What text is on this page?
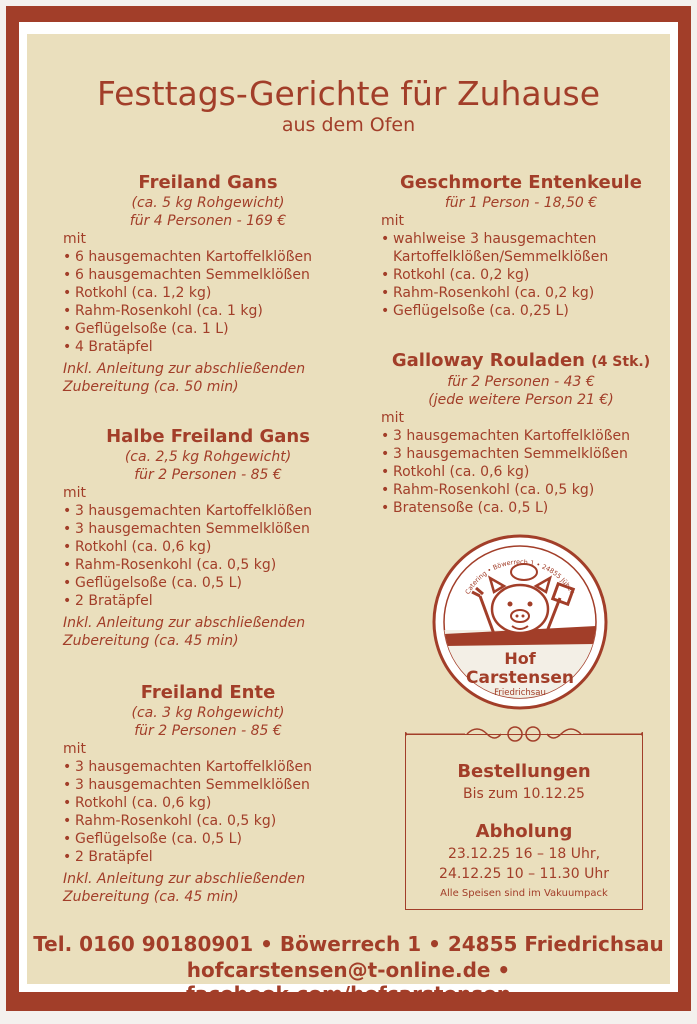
Festtags-Gerichte für Zuhause
aus dem Ofen
Freiland Gans
(ca. 5 kg Rohgewicht)
für 4 Personen - 169 €
mit
• 6 hausgemachten Kartoffelklößen
• 6 hausgemachten Semmelklößen
• Rotkohl (ca. 1,2 kg)
• Rahm-Rosenkohl (ca. 1 kg)
• Geflügelsoße (ca. 1 L)
• 4 Bratäpfel
Inkl. Anleitung zur abschließenden
Zubereitung (ca. 50 min)
Halbe Freiland Gans
(ca. 2,5 kg Rohgewicht)
für 2 Personen - 85 €
mit
• 3 hausgemachten Kartoffelklößen
• 3 hausgemachten Semmelklößen
• Rotkohl (ca. 0,6 kg)
• Rahm-Rosenkohl (ca. 0,5 kg)
• Geflügelsoße (ca. 0,5 L)
• 2 Bratäpfel
Inkl. Anleitung zur abschließenden
Zubereitung (ca. 45 min)
Freiland Ente
(ca. 3 kg Rohgewicht)
für 2 Personen - 85 €
mit
• 3 hausgemachten Kartoffelklößen
• 3 hausgemachten Semmelklößen
• Rotkohl (ca. 0,6 kg)
• Rahm-Rosenkohl (ca. 0,5 kg)
• Geflügelsoße (ca. 0,5 L)
• 2 Bratäpfel
Inkl. Anleitung zur abschließenden
Zubereitung (ca. 45 min)
Geschmorte Entenkeule
für 1 Person - 18,50 €
mit
• wahlweise 3 hausgemachten
Kartoffelklößen/Semmelklößen
• Rotkohl (ca. 0,2 kg)
• Rahm-Rosenkohl (ca. 0,2 kg)
• Geflügelsoße (ca. 0,25 L)
Galloway Rouladen (4 Stk.)
für 2 Personen - 43 €
(jede weitere Person 21 €)
mit
• 3 hausgemachten Kartoffelklößen
• 3 hausgemachten Semmelklößen
• Rotkohl (ca. 0,6 kg)
• Rahm-Rosenkohl (ca. 0,5 kg)
• Bratensoße (ca. 0,5 L)
Catering • Böwerrech 1 • 24855 Jübek
Hof
Carstensen
Friedrichsau
Bestellungen
Bis zum 10.12.25
Abholung
23.12.25 16 – 18 Uhr,
24.12.25 10 – 11.30 Uhr
Alle Speisen sind im Vakuumpack
Tel. 0160 90180901 • Böwerrech 1 • 24855 Friedrichsau
hofcarstensen@t-online.de • facebook.com/hofcarstensen
